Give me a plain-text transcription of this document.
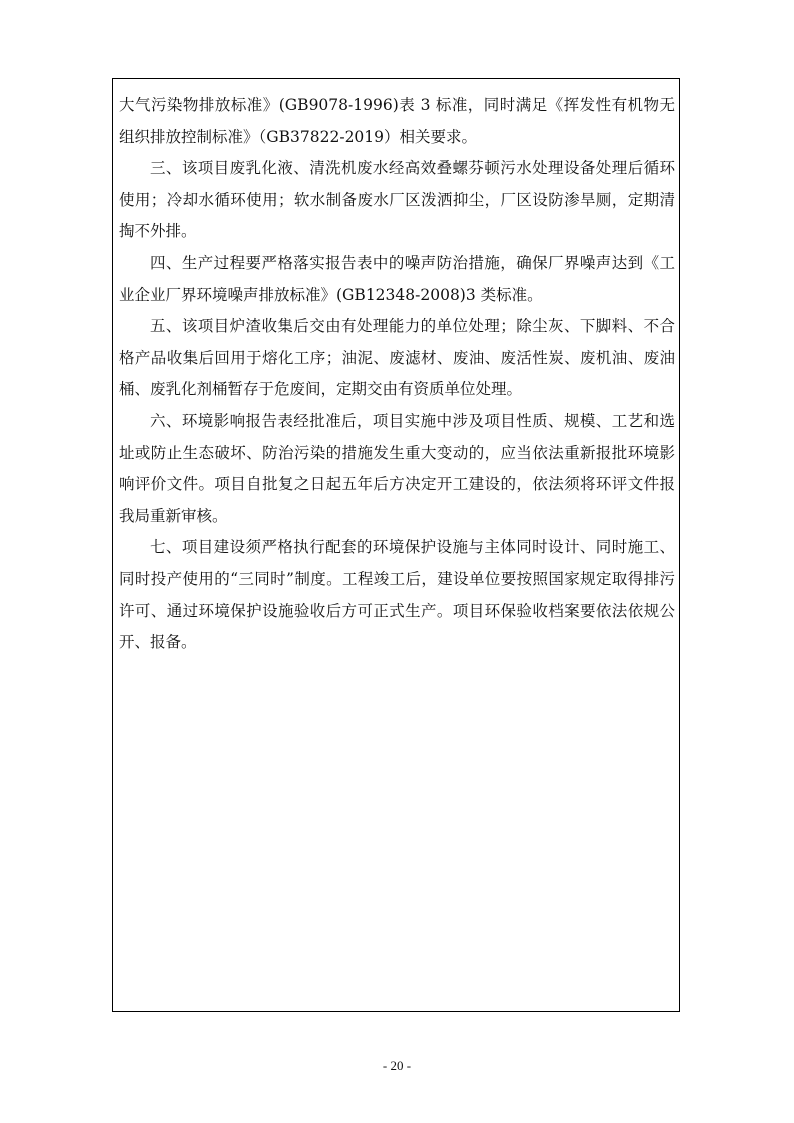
大气污染物排放标准》(GB9078-1996)表 3 标准，同时满足《挥发性有机物无组织排放控制标准》（GB37822-2019）相关要求。

三、该项目废乳化液、清洗机废水经高效叠螺芬顿污水处理设备处理后循环使用；冷却水循环使用；软水制备废水厂区泼洒抑尘，厂区设防渗旱厕，定期清掏不外排。

四、生产过程要严格落实报告表中的噪声防治措施，确保厂界噪声达到《工业企业厂界环境噪声排放标准》(GB12348-2008)3 类标准。

五、该项目炉渣收集后交由有处理能力的单位处理；除尘灰、下脚料、不合格产品收集后回用于熔化工序；油泥、废滤材、废油、废活性炭、废机油、废油桶、废乳化剂桶暂存于危废间，定期交由有资质单位处理。

六、环境影响报告表经批准后，项目实施中涉及项目性质、规模、工艺和选址或防止生态破坏、防治污染的措施发生重大变动的，应当依法重新报批环境影响评价文件。项目自批复之日起五年后方决定开工建设的，依法须将环评文件报我局重新审核。

七、项目建设须严格执行配套的环境保护设施与主体同时设计、同时施工、同时投产使用的“三同时”制度。工程竣工后，建设单位要按照国家规定取得排污许可、通过环境保护设施验收后方可正式生产。项目环保验收档案要依法依规公开、报备。

- 20 -
